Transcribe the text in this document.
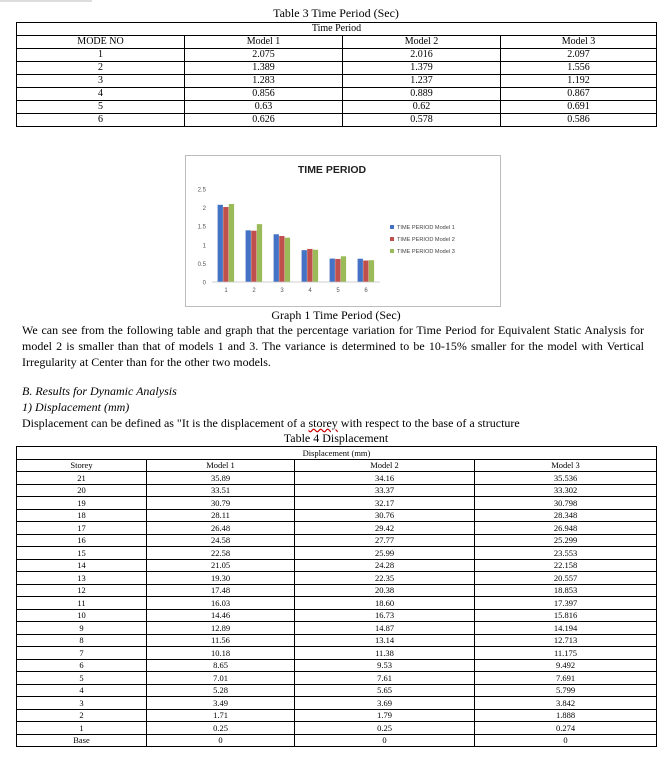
Table 3 Time Period (Sec)
Time Period			
MODE NO	Model 1	Model 2	Model 3
1	2.075	2.016	2.097
2	1.389	1.379	1.556
3	1.283	1.237	1.192
4	0.856	0.889	0.867
5	0.63	0.62	0.691
6	0.626	0.578	0.586
TIME PERIOD
0
0.5
1
1.5
2
2.5
1	2	3	4	5	6
TIME PERIOD Model 1
TIME PERIOD Model 2
TIME PERIOD Model 3
Graph 1 Time Period (Sec)
We can see from the following table and graph that the percentage variation for Time Period for Equivalent Static Analysis for model 2 is smaller than that of models 1 and 3. The variance is determined to be 10-15% smaller for the model with Vertical Irregularity at Center than for the other two models.
B. Results for Dynamic Analysis
1) Displacement (mm)
Displacement can be defined as "It is the displacement of a storey with respect to the base of a structure
Table 4 Displacement
Displacement (mm)			
Storey	Model 1	Model 2	Model 3
21	35.89	34.16	35.536
20	33.51	33.37	33.302
19	30.79	32.17	30.798
18	28.11	30.76	28.348
17	26.48	29.42	26.948
16	24.58	27.77	25.299
15	22.58	25.99	23.553
14	21.05	24.28	22.158
13	19.30	22.35	20.557
12	17.48	20.38	18.853
11	16.03	18.60	17.397
10	14.46	16.73	15.816
9	12.89	14.87	14.194
8	11.56	13.14	12.713
7	10.18	11.38	11.175
6	8.65	9.53	9.492
5	7.01	7.61	7.691
4	5.28	5.65	5.799
3	3.49	3.69	3.842
2	1.71	1.79	1.888
1	0.25	0.25	0.274
Base	0	0	0
